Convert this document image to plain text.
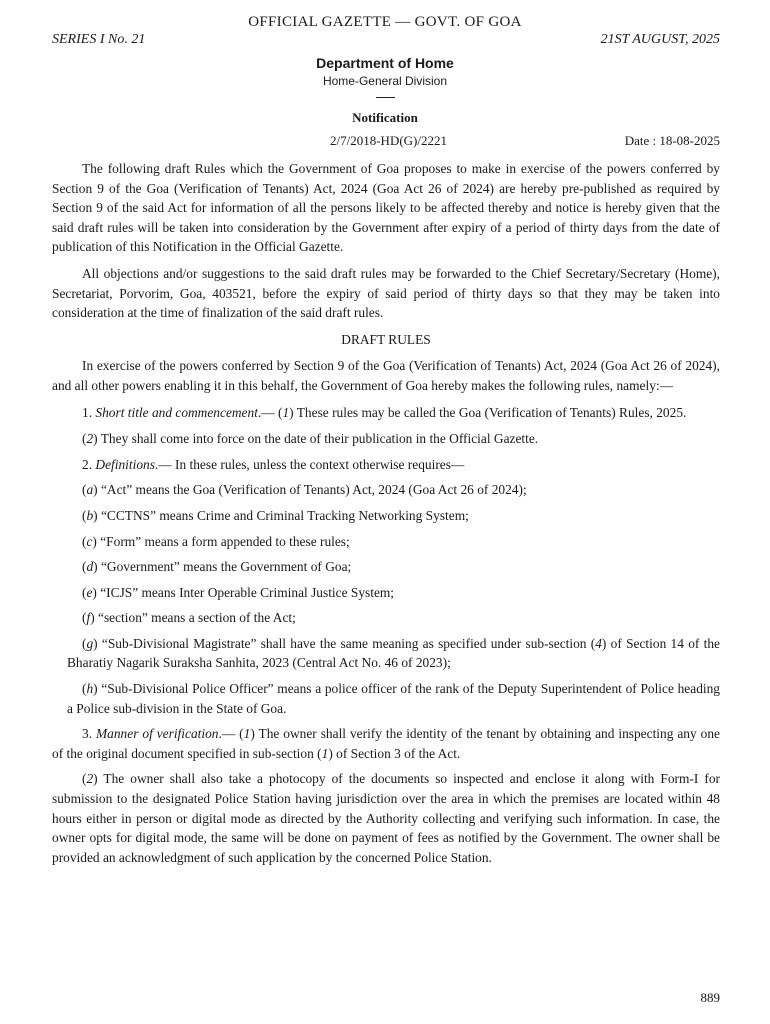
OFFICIAL GAZETTE — GOVT. OF GOA
SERIES I No. 21	21ST AUGUST, 2025
Department of Home
Home-General Division
Notification
2/7/2018-HD(G)/2221	Date : 18-08-2025

The following draft Rules which the Government of Goa proposes to make in exercise of the powers conferred by Section 9 of the Goa (Verification of Tenants) Act, 2024 (Goa Act 26 of 2024) are hereby pre-published as required by Section 9 of the said Act for information of all the persons likely to be affected thereby and notice is hereby given that the said draft rules will be taken into consideration by the Government after expiry of a period of thirty days from the date of publication of this Notification in the Official Gazette.

All objections and/or suggestions to the said draft rules may be forwarded to the Chief Secretary/Secretary (Home), Secretariat, Porvorim, Goa, 403521, before the expiry of said period of thirty days so that they may be taken into consideration at the time of finalization of the said draft rules.

DRAFT RULES

In exercise of the powers conferred by Section 9 of the Goa (Verification of Tenants) Act, 2024 (Goa Act 26 of 2024), and all other powers enabling it in this behalf, the Government of Goa hereby makes the following rules, namely:—

1. Short title and commencement.— (1) These rules may be called the Goa (Verification of Tenants) Rules, 2025.

(2) They shall come into force on the date of their publication in the Official Gazette.

2. Definitions.— In these rules, unless the context otherwise requires—

(a) “Act” means the Goa (Verification of Tenants) Act, 2024 (Goa Act 26 of 2024);

(b) “CCTNS” means Crime and Criminal Tracking Networking System;

(c) “Form” means a form appended to these rules;

(d) “Government” means the Government of Goa;

(e) “ICJS” means Inter Operable Criminal Justice System;

(f) “section” means a section of the Act;

(g) “Sub-Divisional Magistrate” shall have the same meaning as specified under sub-section (4) of Section 14 of the Bharatiy Nagarik Suraksha Sanhita, 2023 (Central Act No. 46 of 2023);

(h) “Sub-Divisional Police Officer” means a police officer of the rank of the Deputy Superintendent of Police heading a Police sub-division in the State of Goa.

3. Manner of verification.— (1) The owner shall verify the identity of the tenant by obtaining and inspecting any one of the original document specified in sub-section (1) of Section 3 of the Act.

(2) The owner shall also take a photocopy of the documents so inspected and enclose it along with Form-I for submission to the designated Police Station having jurisdiction over the area in which the premises are located within 48 hours either in person or digital mode as directed by the Authority collecting and verifying such information. In case, the owner opts for digital mode, the same will be done on payment of fees as notified by the Government. The owner shall be provided an acknowledgment of such application by the concerned Police Station.

889
